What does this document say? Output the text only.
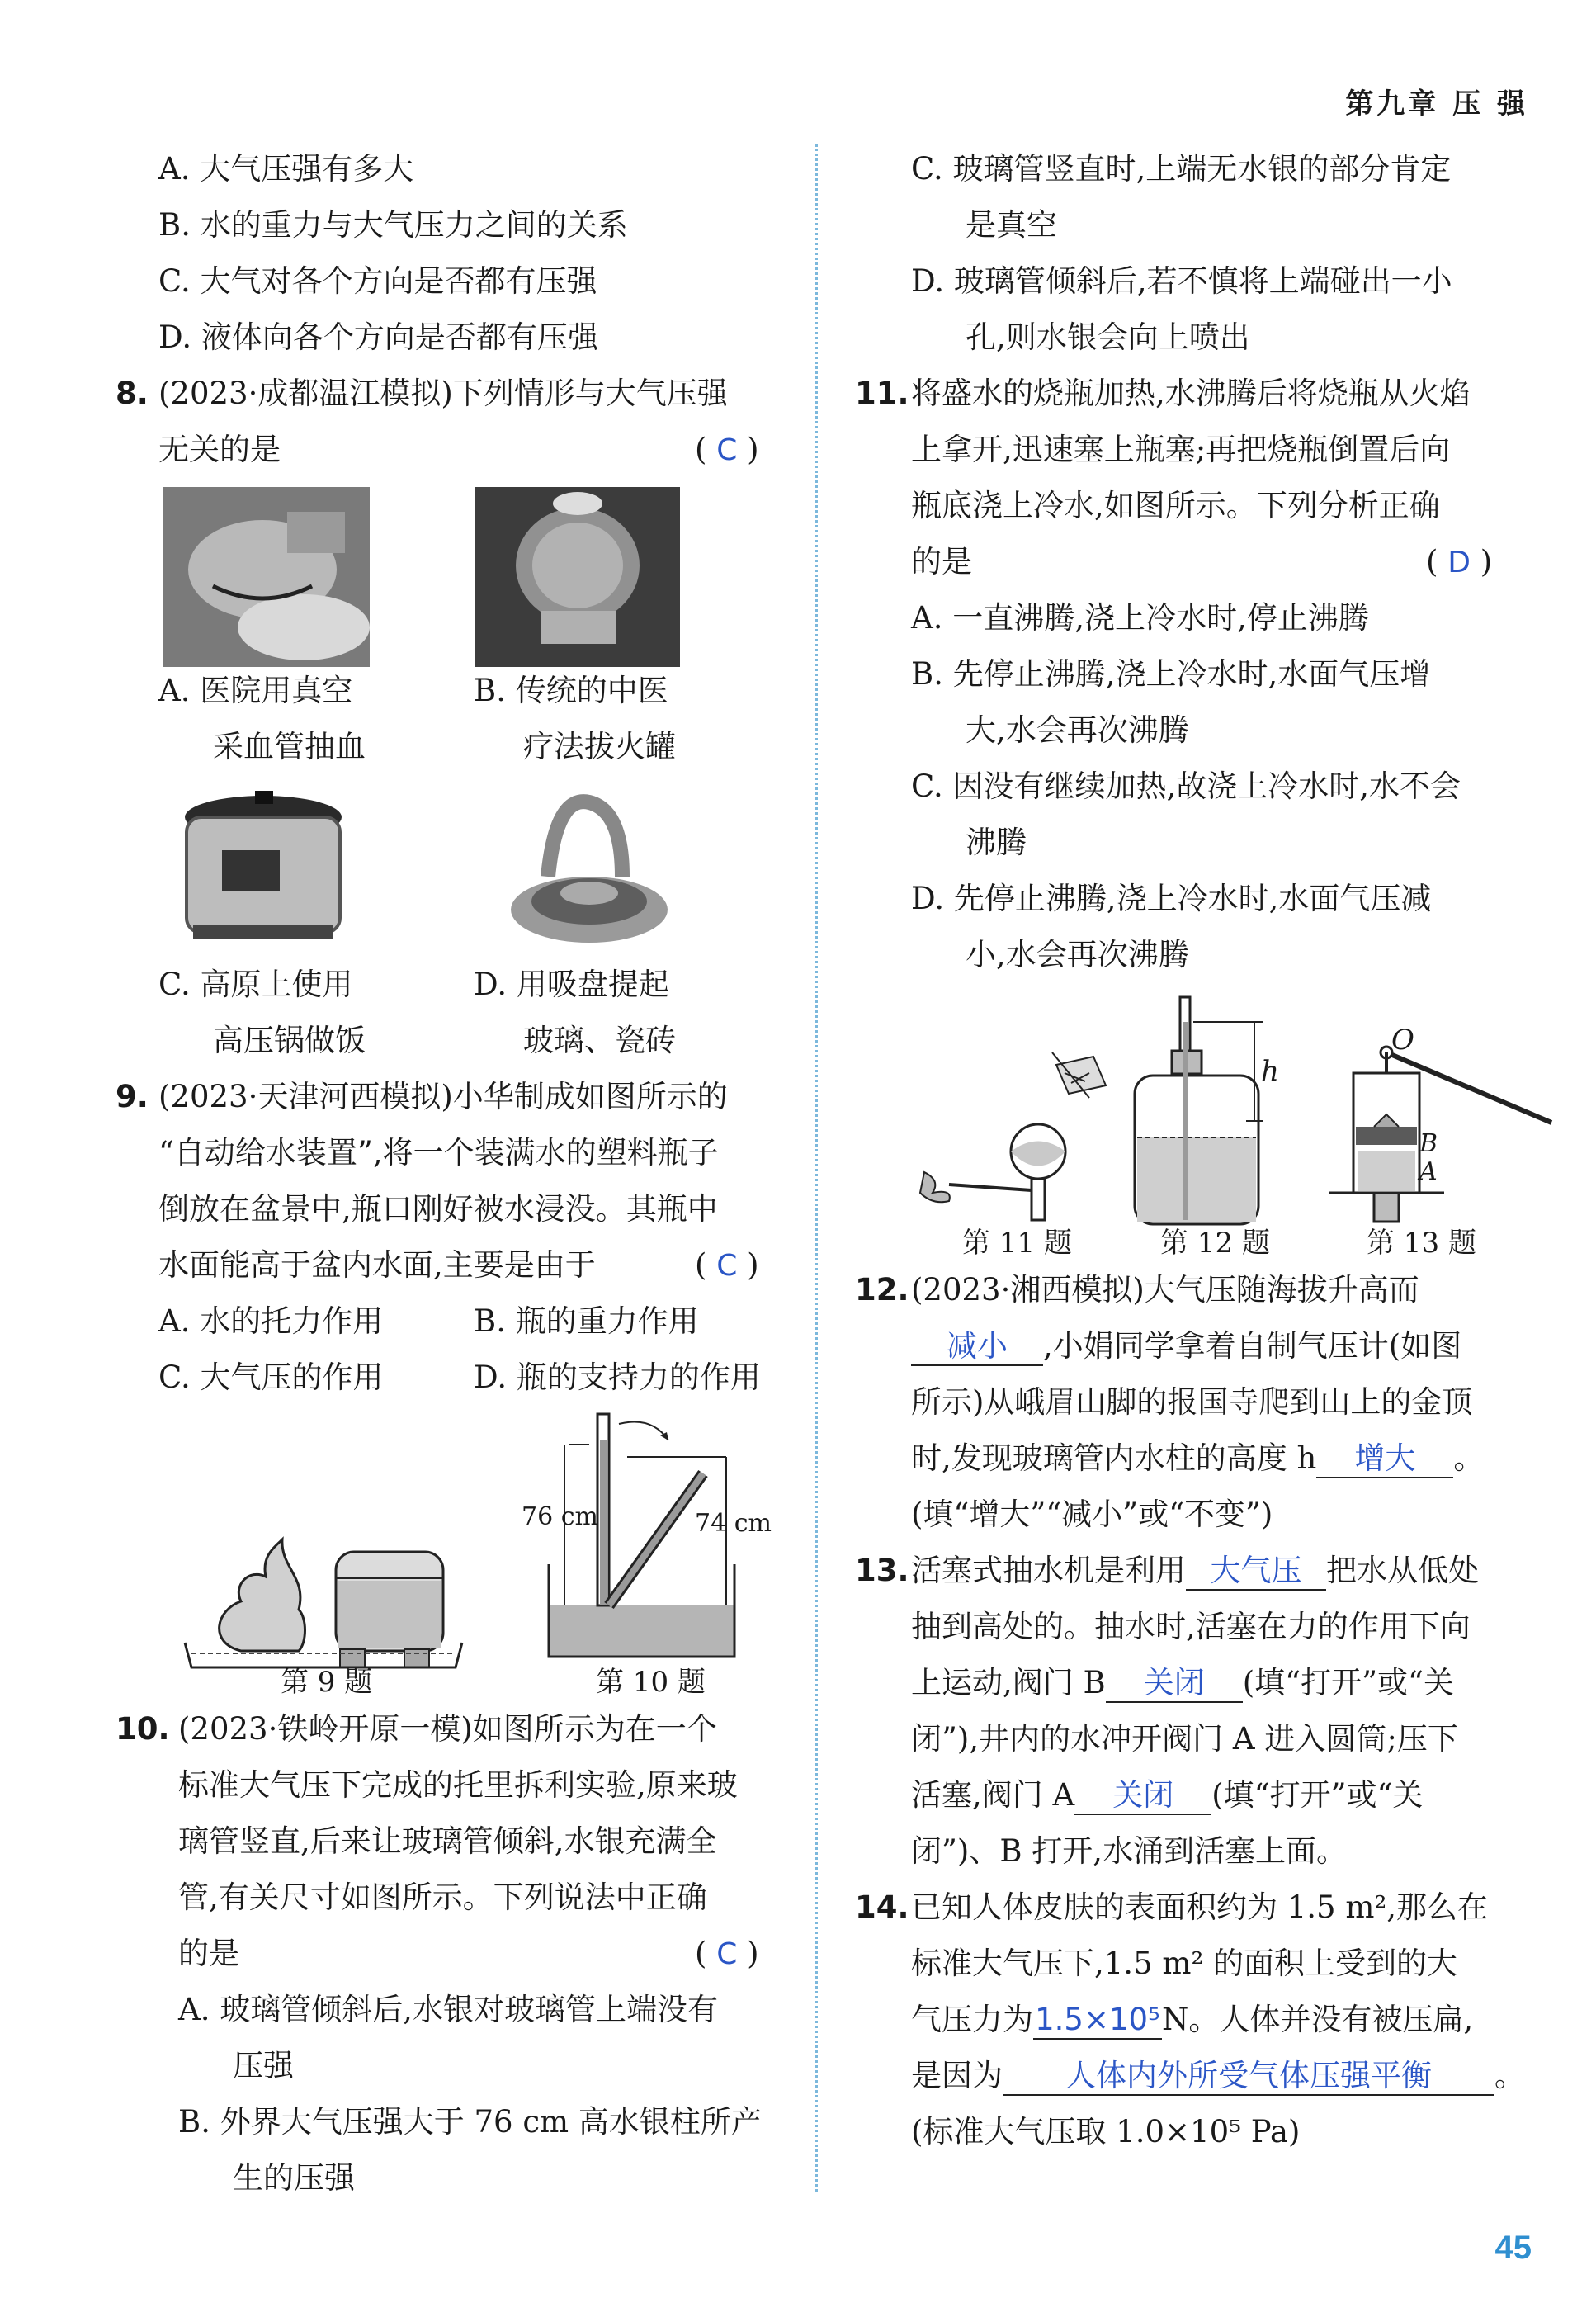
第九章 压 强
A. 大气压强有多大
B. 水的重力与大气压力之间的关系
C. 大气对各个方向是否都有压强
D. 液体向各个方向是否都有压强
8. (2023·成都温江模拟)下列情形与大气压强
无关的是	( C )
A. 医院用真空
采血管抽血
B. 传统的中医
疗法拔火罐
C. 高原上使用
高压锅做饭
D. 用吸盘提起
玻璃、瓷砖
9. (2023·天津河西模拟)小华制成如图所示的
“自动给水装置”,将一个装满水的塑料瓶子
倒放在盆景中,瓶口刚好被水浸没。其瓶中
水面能高于盆内水面,主要是由于	( C )
A. 水的托力作用	B. 瓶的重力作用
C. 大气压的作用	D. 瓶的支持力的作用
第 9 题
76 cm	74 cm
第 10 题
10. (2023·铁岭开原一模)如图所示为在一个
标准大气压下完成的托里拆利实验,原来玻
璃管竖直,后来让玻璃管倾斜,水银充满全
管,有关尺寸如图所示。下列说法中正确
的是	( C )
A. 玻璃管倾斜后,水银对玻璃管上端没有
压强
B. 外界大气压强大于 76 cm 高水银柱所产
生的压强
C. 玻璃管竖直时,上端无水银的部分肯定
是真空
D. 玻璃管倾斜后,若不慎将上端碰出一小
孔,则水银会向上喷出
11. 将盛水的烧瓶加热,水沸腾后将烧瓶从火焰
上拿开,迅速塞上瓶塞;再把烧瓶倒置后向
瓶底浇上冷水,如图所示。下列分析正确
的是	( D )
A. 一直沸腾,浇上冷水时,停止沸腾
B. 先停止沸腾,浇上冷水时,水面气压增
大,水会再次沸腾
C. 因没有继续加热,故浇上冷水时,水不会
沸腾
D. 先停止沸腾,浇上冷水时,水面气压减
小,水会再次沸腾
第 11 题
h
第 12 题
O
B
A
第 13 题
12. (2023·湘西模拟)大气压随海拔升高而
减小 ,小娟同学拿着自制气压计(如图
所示)从峨眉山脚的报国寺爬到山上的金顶
时,发现玻璃管内水柱的高度 h 增大 。
(填“增大”“减小”或“不变”)
13. 活塞式抽水机是利用 大气压 把水从低处
抽到高处的。抽水时,活塞在力的作用下向
上运动,阀门 B 关闭 (填“打开”或“关
闭”),井内的水冲开阀门 A 进入圆筒;压下
活塞,阀门 A 关闭 (填“打开”或“关
闭”)、B 打开,水涌到活塞上面。
14. 已知人体皮肤的表面积约为 1.5 m²,那么在
标准大气压下,1.5 m² 的面积上受到的大
气压力为1.5×10⁵N。人体并没有被压扁,
是因为 人体内外所受气体压强平衡 。
(标准大气压取 1.0×10⁵ Pa)
45
